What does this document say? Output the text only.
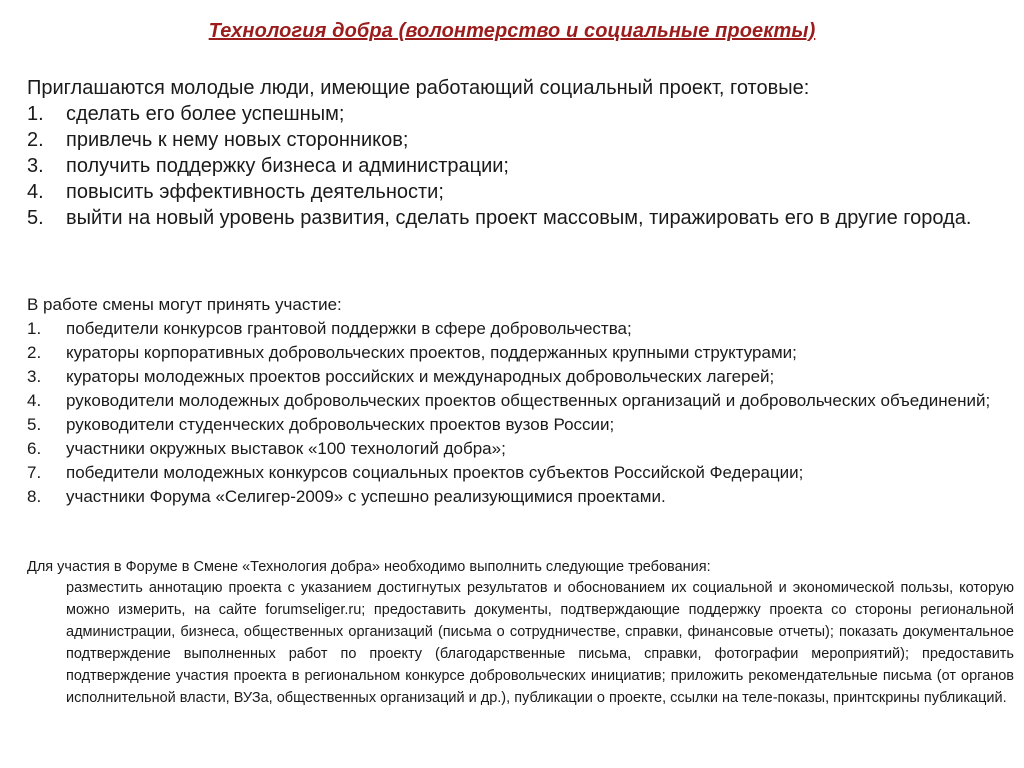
Технология добра (волонтерство и социальные проекты)
Приглашаются молодые люди, имеющие работающий социальный проект, готовые:
1. сделать его более успешным;
2. привлечь к нему новых сторонников;
3. получить поддержку бизнеса и администрации;
4. повысить эффективность деятельности;
5. выйти на новый уровень развития, сделать проект массовым, тиражировать его в другие города.
В работе смены могут принять участие:
1. победители конкурсов грантовой поддержки в сфере добровольчества;
2. кураторы корпоративных добровольческих проектов, поддержанных крупными структурами;
3. кураторы молодежных проектов российских и международных добровольческих лагерей;
4. руководители молодежных добровольческих проектов общественных организаций и добровольческих объединений;
5. руководители студенческих добровольческих проектов вузов России;
6. участники окружных выставок «100 технологий добра»;
7. победители молодежных конкурсов социальных проектов субъектов Российской Федерации;
8. участники Форума «Селигер-2009» с успешно реализующимися проектами.
Для участия в Форуме в Смене «Технология добра» необходимо выполнить следующие требования:
разместить аннотацию проекта с указанием достигнутых результатов и обоснованием их социальной и экономической пользы, которую можно измерить, на сайте forumseliger.ru; предоставить документы, подтверждающие поддержку проекта со стороны региональной администрации, бизнеса, общественных организаций (письма о сотрудничестве, справки, финансовые отчеты); показать документальное подтверждение выполненных работ по проекту (благодарственные письма, справки, фотографии мероприятий); предоставить подтверждение участия проекта в региональном конкурсе добровольческих инициатив; приложить рекомендательные письма (от органов исполнительной власти, ВУЗа, общественных организаций и др.), публикации о проекте, ссылки на теле-показы, принтскрины публикаций.
